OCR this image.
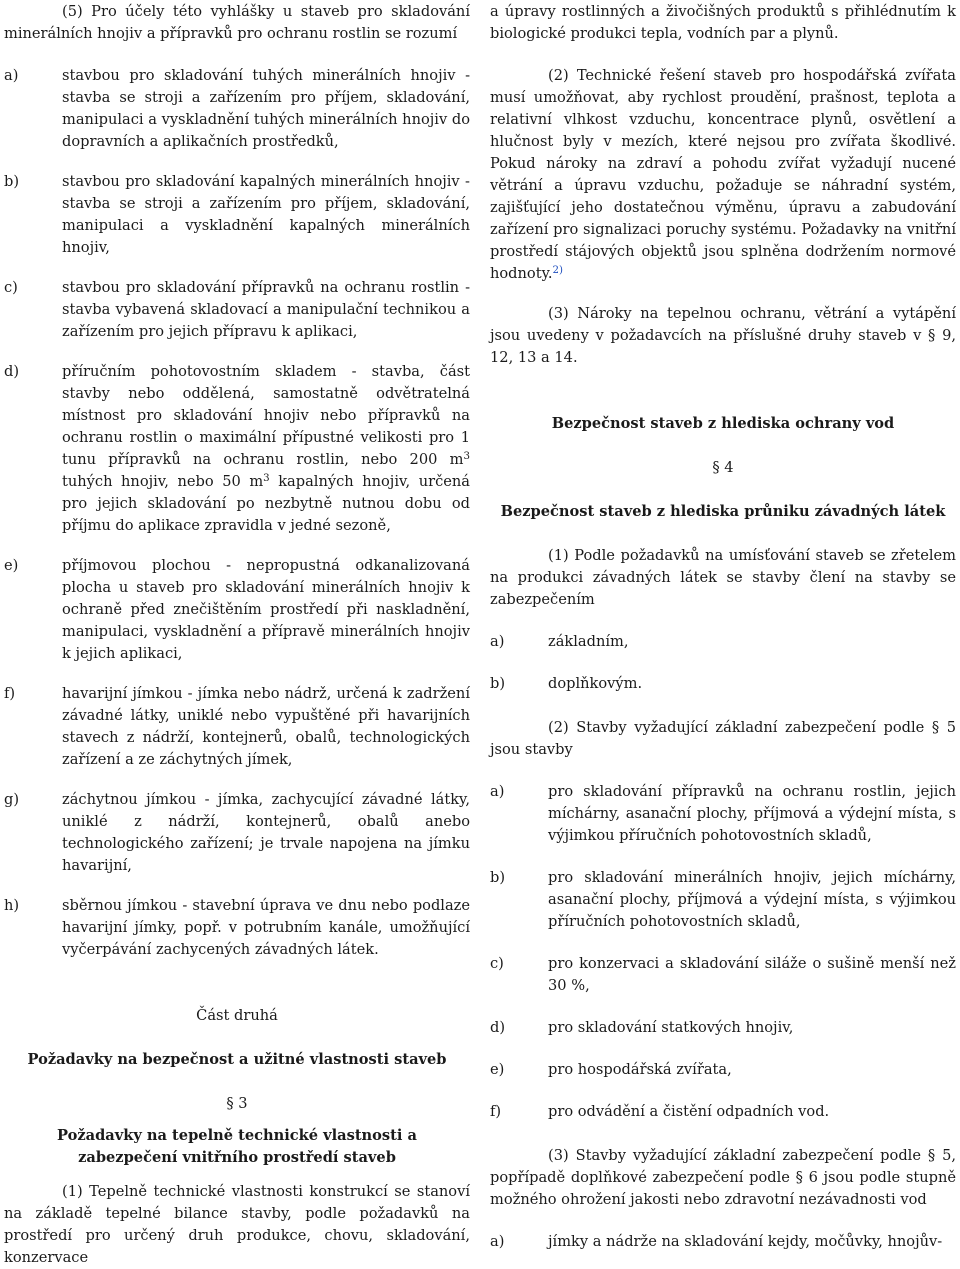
(5) Pro účely této vyhlášky u staveb pro skladování minerálních hnojiv a přípravků pro ochranu rostlin se rozumí

a)	stavbou pro skladování tuhých minerálních hnojiv - stavba se stroji a zařízením pro příjem, skladování, manipulaci a vyskladnění tuhých minerálních hnojiv do dopravních a aplikačních prostředků,
b)	stavbou pro skladování kapalných minerálních hnojiv - stavba se stroji a zařízením pro příjem, skladování, manipulaci a vyskladnění kapalných minerálních hnojiv,
c)	stavbou pro skladování přípravků na ochranu rostlin - stavba vybavená skladovací a manipulační technikou a zařízením pro jejich přípravu k aplikaci,
d)	příručním pohotovostním skladem - stavba, část stavby nebo oddělená, samostatně odvětratelná místnost pro skladování hnojiv nebo přípravků na ochranu rostlin o maximální přípustné velikosti pro 1 tunu přípravků na ochranu rostlin, nebo 200 $m^3$ tuhých hnojiv, nebo 50 $m^3$ kapalných hnojiv, určená pro jejich skladování po nezbytně nutnou dobu od příjmu do aplikace zpravidla v jedné sezoně,
e)	příjmovou plochou - nepropustná odkanalizovaná plocha u staveb pro skladování minerálních hnojiv k ochraně před znečištěním prostředí při naskladnění, manipulaci, vyskladnění a přípravě minerálních hnojiv k jejich aplikaci,
f)	havarijní jímkou - jímka nebo nádrž, určená k zadržení závadné látky, uniklé nebo vypuštěné při havarijních stavech z nádrží, kontejnerů, obalů, technologických zařízení a ze záchytných jímek,
g)	záchytnou jímkou - jímka, zachycující závadné látky, uniklé z nádrží, kontejnerů, obalů anebo technologického zařízení; je trvale napojena na jímku havarijní,
h)	sběrnou jímkou - stavební úprava ve dnu nebo podlaze havarijní jímky, popř. v potrubním kanále, umožňující vyčerpávání zachycených závadných látek.

Část druhá

Požadavky na bezpečnost a užitné vlastnosti staveb

§ 3

Požadavky na tepelně technické vlastnosti a zabezpečení vnitřního prostředí staveb

(1) Tepelně technické vlastnosti konstrukcí se stanoví na základě tepelné bilance stavby, podle požadavků na prostředí pro určený druh produkce, chovu, skladování, konzervace

a úpravy rostlinných a živočišných produktů s přihlédnutím k biologické produkci tepla, vodních par a plynů.

(2) Technické řešení staveb pro hospodářská zvířata musí umožňovat, aby rychlost proudění, prašnost, teplota a relativní vlhkost vzduchu, koncentrace plynů, osvětlení a hlučnost byly v mezích, které nejsou pro zvířata škodlivé. Pokud nároky na zdraví a pohodu zvířat vyžadují nucené větrání a úpravu vzduchu, požaduje se náhradní systém, zajišťující jeho dostatečnou výměnu, úpravu a zabudování zařízení pro signalizaci poruchy systému. Požadavky na vnitřní prostředí stájových objektů jsou splněna dodržením normové hodnoty.$^{2)}$

(3) Nároky na tepelnou ochranu, větrání a vytápění jsou uvedeny v požadavcích na příslušné druhy staveb v § 9, 12, 13 a 14.

Bezpečnost staveb z hlediska ochrany vod

§ 4

Bezpečnost staveb z hlediska průniku závadných látek

(1) Podle požadavků na umísťování staveb se zřetelem na produkci závadných látek se stavby člení na stavby se zabezpečením

a)	základním,
b)	doplňkovým.

(2) Stavby vyžadující základní zabezpečení podle § 5 jsou stavby

a)	pro skladování přípravků na ochranu rostlin, jejich míchárny, asanační plochy, příjmová a výdejní místa, s výjimkou příručních pohotovostních skladů,
b)	pro skladování minerálních hnojiv, jejich míchárny, asanační plochy, příjmová a výdejní místa, s výjimkou příručních pohotovostních skladů,
c)	pro konzervaci a skladování siláže o sušině menší než 30 %,
d)	pro skladování statkových hnojiv,
e)	pro hospodářská zvířata,
f)	pro odvádění a čistění odpadních vod.

(3) Stavby vyžadující základní zabezpečení podle § 5, popřípadě doplňkové zabezpečení podle § 6 jsou podle stupně možného ohrožení jakosti nebo zdravotní nezávadnosti vod

a)	jímky a nádrže na skladování kejdy, močůvky, hnojův-
